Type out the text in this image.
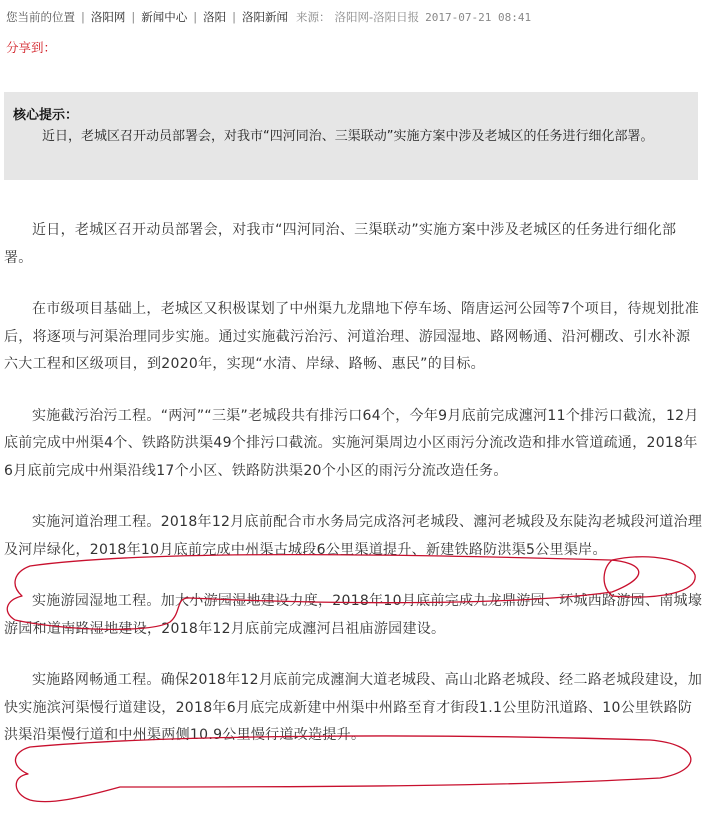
您当前的位置 | 洛阳网 | 新闻中心 | 洛阳 | 洛阳新闻 来源： 洛阳网-洛阳日报 2017-07-21 08:41
分享到：
核心提示：
近日，老城区召开动员部署会，对我市“四河同治、三渠联动”实施方案中涉及老城区的任务进行细化部署。

近日，老城区召开动员部署会，对我市“四河同治、三渠联动”实施方案中涉及老城区的任务进行细化部署。

在市级项目基础上，老城区又积极谋划了中州渠九龙鼎地下停车场、隋唐运河公园等7个项目，待规划批准后，将逐项与河渠治理同步实施。通过实施截污治污、河道治理、游园湿地、路网畅通、沿河棚改、引水补源六大工程和区级项目，到2020年，实现“水清、岸绿、路畅、惠民”的目标。

实施截污治污工程。“两河”“三渠”老城段共有排污口64个，今年9月底前完成瀍河11个排污口截流，12月底前完成中州渠4个、铁路防洪渠49个排污口截流。实施河渠周边小区雨污分流改造和排水管道疏通，2018年6月底前完成中州渠沿线17个小区、铁路防洪渠20个小区的雨污分流改造任务。

实施河道治理工程。2018年12月底前配合市水务局完成洛河老城段、瀍河老城段及东陡沟老城段河道治理及河岸绿化，2018年10月底前完成中州渠古城段6公里渠道提升、新建铁路防洪渠5公里渠岸。

实施游园湿地工程。加大小游园湿地建设力度，2018年10月底前完成九龙鼎游园、环城西路游园、南城壕游园和道南路湿地建设，2018年12月底前完成瀍河吕祖庙游园建设。

实施路网畅通工程。确保2018年12月底前完成瀍涧大道老城段、高山北路老城段、经二路老城段建设，加快实施滨河渠慢行道建设，2018年6月底完成新建中州渠中州路至育才街段1.1公里防汛道路、10公里铁路防洪渠沿渠慢行道和中州渠两侧10.9公里慢行道改造提升。
